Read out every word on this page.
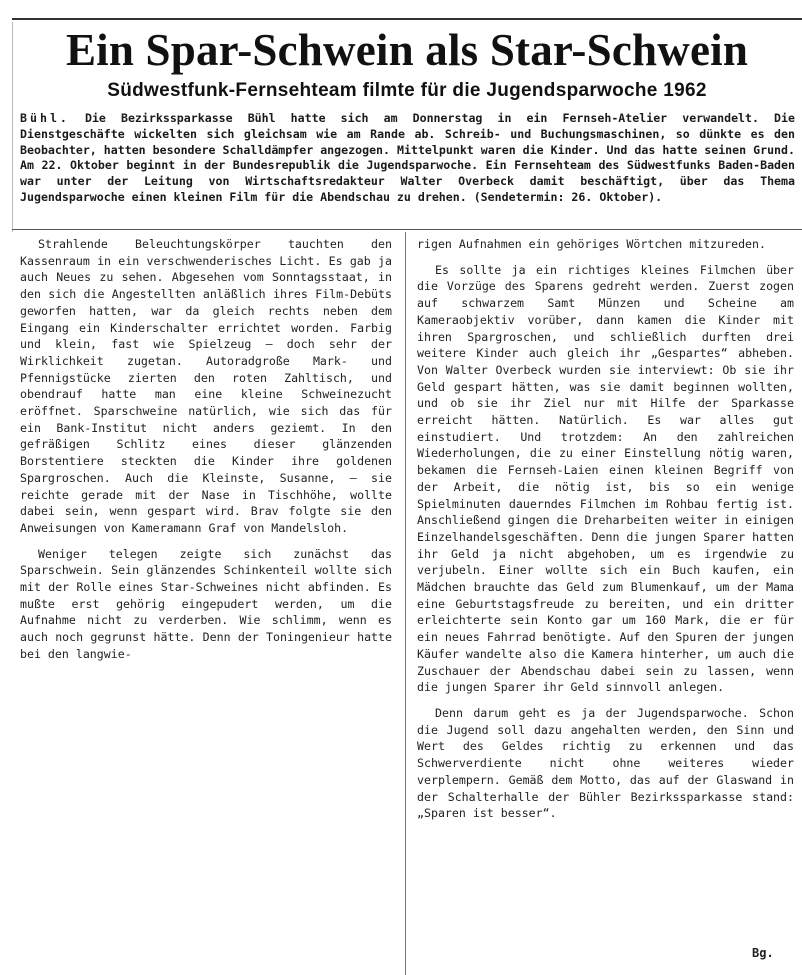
Ein Spar-Schwein als Star-Schwein
Südwestfunk-Fernsehteam filmte für die Jugendsparwoche 1962
Bühl. Die Bezirkssparkasse Bühl hatte sich am Donnerstag in ein Fernseh-Atelier verwandelt. Die Dienstgeschäfte wickelten sich gleichsam wie am Rande ab. Schreib- und Buchungsmaschinen, so dünkte es den Beobachter, hatten besondere Schalldämpfer angezogen. Mittelpunkt waren die Kinder. Und das hatte seinen Grund. Am 22. Oktober beginnt in der Bundesrepublik die Jugendsparwoche. Ein Fernsehteam des Südwestfunks Baden-Baden war unter der Leitung von Wirtschaftsredakteur Walter Overbeck damit beschäftigt, über das Thema Jugendsparwoche einen kleinen Film für die Abendschau zu drehen. (Sendetermin: 26. Oktober).

Strahlende Beleuchtungskörper tauchten den Kassenraum in ein verschwenderisches Licht. Es gab ja auch Neues zu sehen. Abgesehen vom Sonntagsstaat, in den sich die Angestellten anläßlich ihres Film-Debüts geworfen hatten, war da gleich rechts neben dem Eingang ein Kinderschalter errichtet worden. Farbig und klein, fast wie Spielzeug — doch sehr der Wirklichkeit zugetan. Autoradgroße Mark- und Pfennigstücke zierten den roten Zahltisch, und obendrauf hatte man eine kleine Schweinezucht eröffnet. Sparschweine natürlich, wie sich das für ein Bank-Institut nicht anders geziemt. In den gefräßigen Schlitz eines dieser glänzenden Borstentiere steckten die Kinder ihre goldenen Spargroschen. Auch die Kleinste, Susanne, — sie reichte gerade mit der Nase in Tischhöhe, wollte dabei sein, wenn gespart wird. Brav folgte sie den Anweisungen von Kameramann Graf von Mandelsloh.

Weniger telegen zeigte sich zunächst das Sparschwein. Sein glänzendes Schinkenteil wollte sich mit der Rolle eines Star-Schweines nicht abfinden. Es mußte erst gehörig eingepudert werden, um die Aufnahme nicht zu verderben. Wie schlimm, wenn es auch noch gegrunst hätte. Denn der Toningenieur hatte bei den langwie-

rigen Aufnahmen ein gehöriges Wörtchen mitzureden.

Es sollte ja ein richtiges kleines Filmchen über die Vorzüge des Sparens gedreht werden. Zuerst zogen auf schwarzem Samt Münzen und Scheine am Kameraobjektiv vorüber, dann kamen die Kinder mit ihren Spargroschen, und schließlich durften drei weitere Kinder auch gleich ihr „Gespartes“ abheben. Von Walter Overbeck wurden sie interviewt: Ob sie ihr Geld gespart hätten, was sie damit beginnen wollten, und ob sie ihr Ziel nur mit Hilfe der Sparkasse erreicht hätten. Natürlich. Es war alles gut einstudiert. Und trotzdem: An den zahlreichen Wiederholungen, die zu einer Einstellung nötig waren, bekamen die Fernseh-Laien einen kleinen Begriff von der Arbeit, die nötig ist, bis so ein wenige Spielminuten dauerndes Filmchen im Rohbau fertig ist. Anschließend gingen die Dreharbeiten weiter in einigen Einzelhandelsgeschäften. Denn die jungen Sparer hatten ihr Geld ja nicht abgehoben, um es irgendwie zu verjubeln. Einer wollte sich ein Buch kaufen, ein Mädchen brauchte das Geld zum Blumenkauf, um der Mama eine Geburtstagsfreude zu bereiten, und ein dritter erleichterte sein Konto gar um 160 Mark, die er für ein neues Fahrrad benötigte. Auf den Spuren der jungen Käufer wandelte also die Kamera hinterher, um auch die Zuschauer der Abendschau dabei sein zu lassen, wenn die jungen Sparer ihr Geld sinnvoll anlegen.

Denn darum geht es ja der Jugendsparwoche. Schon die Jugend soll dazu angehalten werden, den Sinn und Wert des Geldes richtig zu erkennen und das Schwerverdiente nicht ohne weiteres wieder verplempern. Gemäß dem Motto, das auf der Glaswand in der Schalterhalle der Bühler Bezirkssparkasse stand: „Sparen ist besser“.

Bg.
